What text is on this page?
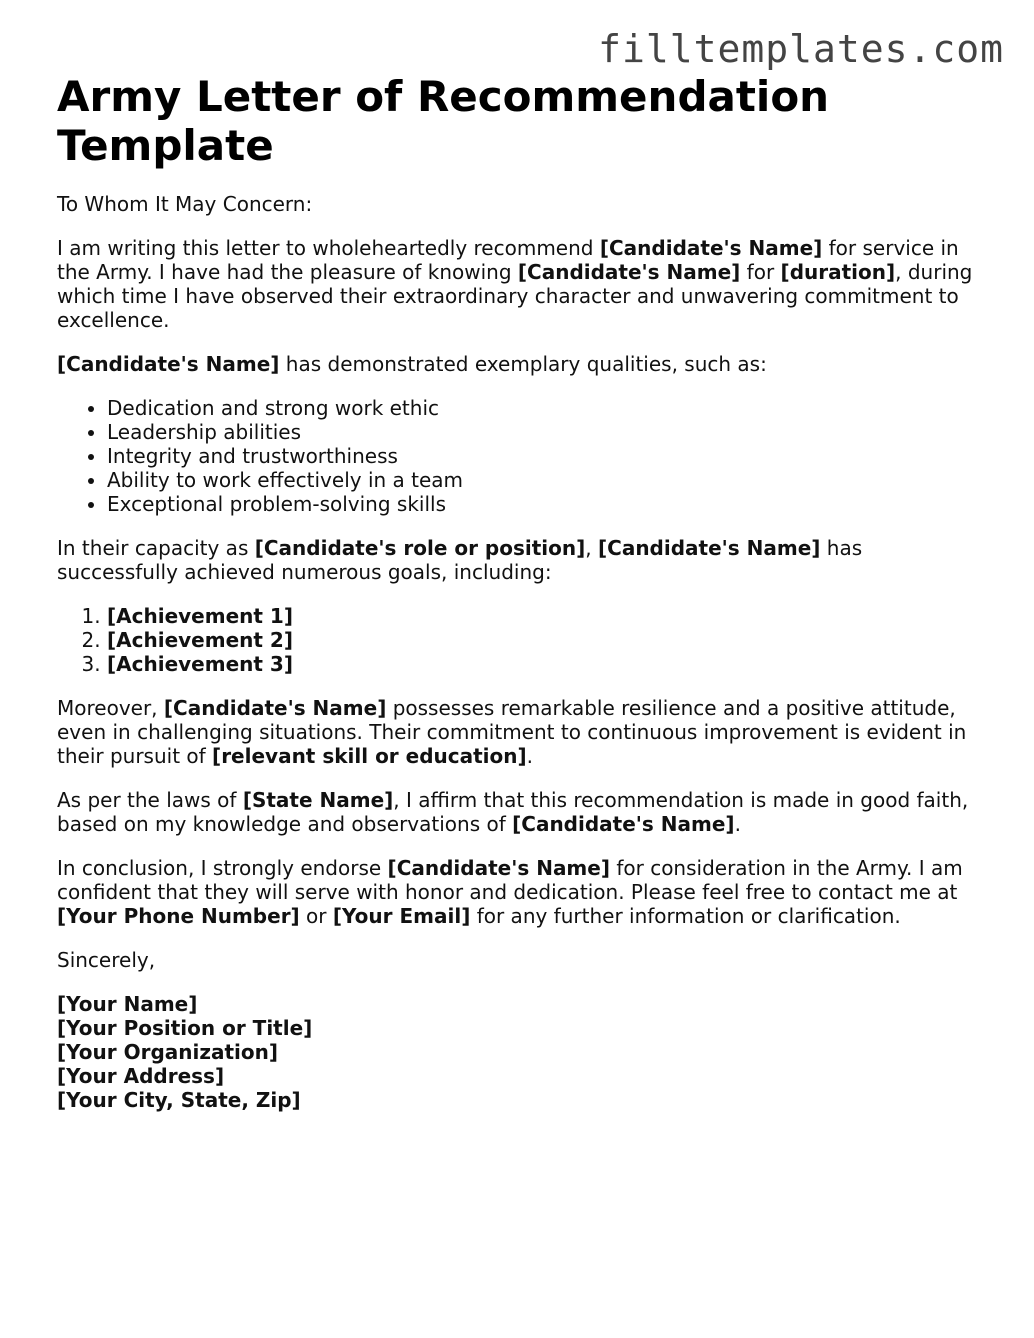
filltemplates.com
Army Letter of Recommendation Template

To Whom It May Concern:

I am writing this letter to wholeheartedly recommend [Candidate's Name] for service in the Army. I have had the pleasure of knowing [Candidate's Name] for [duration], during which time I have observed their extraordinary character and unwavering commitment to excellence.

[Candidate's Name] has demonstrated exemplary qualities, such as:

• Dedication and strong work ethic
• Leadership abilities
• Integrity and trustworthiness
• Ability to work effectively in a team
• Exceptional problem-solving skills

In their capacity as [Candidate's role or position], [Candidate's Name] has successfully achieved numerous goals, including:

1. [Achievement 1]
2. [Achievement 2]
3. [Achievement 3]

Moreover, [Candidate's Name] possesses remarkable resilience and a positive attitude, even in challenging situations. Their commitment to continuous improvement is evident in their pursuit of [relevant skill or education].

As per the laws of [State Name], I affirm that this recommendation is made in good faith, based on my knowledge and observations of [Candidate's Name].

In conclusion, I strongly endorse [Candidate's Name] for consideration in the Army. I am confident that they will serve with honor and dedication. Please feel free to contact me at [Your Phone Number] or [Your Email] for any further information or clarification.

Sincerely,

[Your Name]
[Your Position or Title]
[Your Organization]
[Your Address]
[Your City, State, Zip]
